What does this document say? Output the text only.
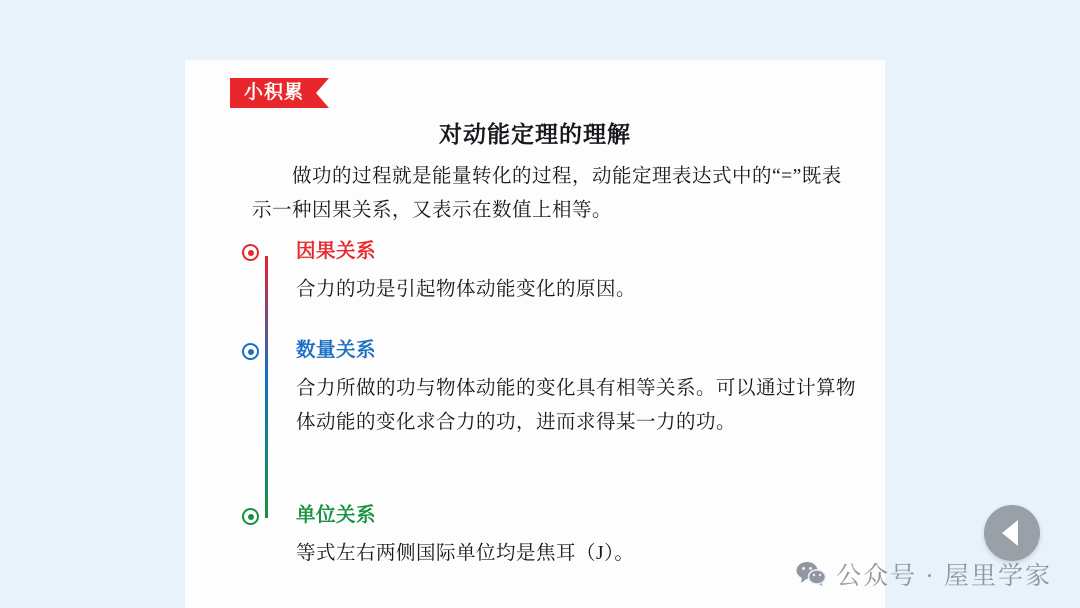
小积累
对动能定理的理解
做功的过程就是能量转化的过程，动能定理表达式中的“=”既表示一种因果关系，又表示在数值上相等。
因果关系
合力的功是引起物体动能变化的原因。
数量关系
合力所做的功与物体动能的变化具有相等关系。可以通过计算物体动能的变化求合力的功，进而求得某一力的功。
单位关系
等式左右两侧国际单位均是焦耳（J）。
公众号 · 屋里学家
